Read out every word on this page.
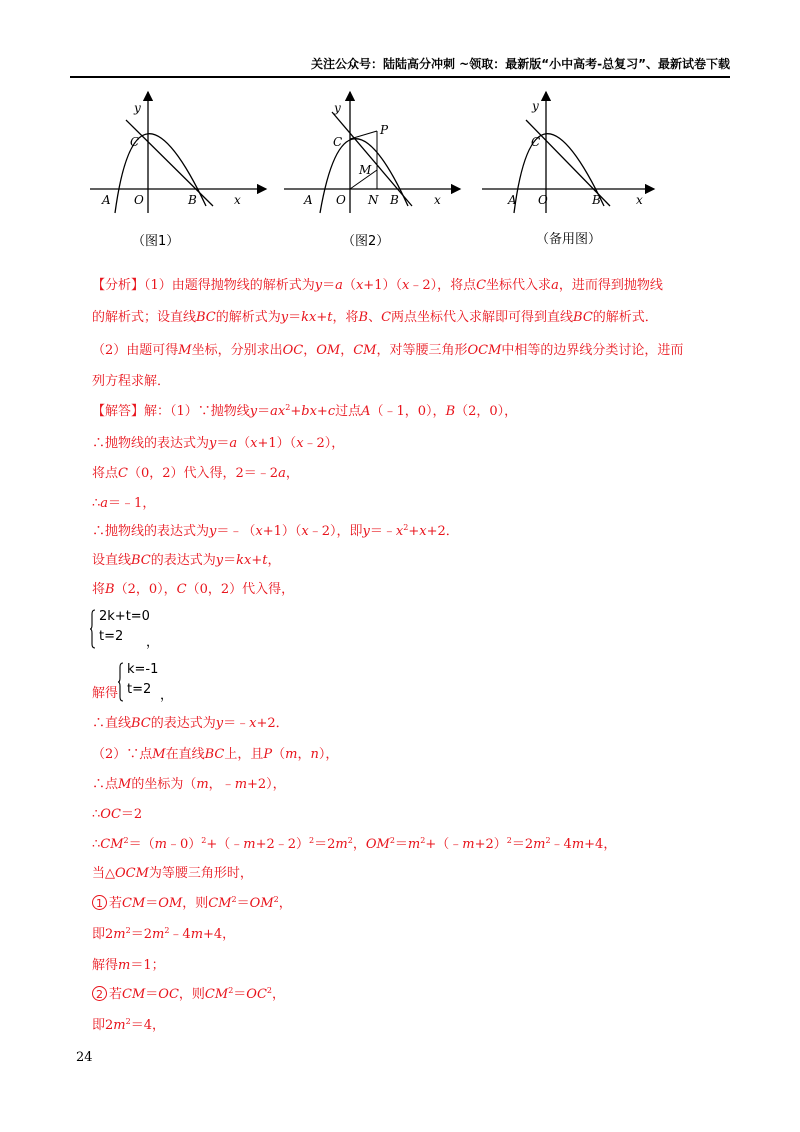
关注公众号：陆陆高分冲刺 ~领取：最新版“小中高考-总复习”、最新试卷下载
y
C
A O	B	x
（图1）
y
C
P
M
A O N B	x
（图2）
y
C
A O	B	x
（备用图）
【分析】（1）由题得抛物线的解析式为y＝a（x+1）（x﹣2），将点C坐标代入求a，进而得到抛物线
的解析式；设直线BC的解析式为y＝kx+t，将B、C两点坐标代入求解即可得到直线BC的解析式．
（2）由题可得M坐标，分别求出OC，OM，CM，对等腰三角形OCM中相等的边界线分类讨论，进而
列方程求解．
【解答】解：（1）∵抛物线$y=ax^2+bx+c$过点A（﹣1，0），B（2，0），
∴抛物线的表达式为y＝a（x+1）（x﹣2），
将点C（0，2）代入得，2＝﹣2a，
∴a＝﹣1，
∴抛物线的表达式为y＝﹣（x+1）（x﹣2），即$y=﹣x^2+x+2$．
设直线BC的表达式为y＝kx+t，
将B（2，0），C（0，2）代入得，
2k+t=0
t=2 ，
解得
k=-1
t=2 ，
∴直线BC的表达式为y＝﹣x+2．
（2）∵点M在直线BC上，且P（m，n），
∴点M的坐标为（m，﹣m+2），
∴OC＝2
$\therefore CM^2=(m﹣0)^2+(﹣m+2﹣2)^2=2m^2$，$OM^2=m^2+(﹣m+2)^2=2m^2﹣4m+4$，
当△OCM为等腰三角形时，
1 若CM＝OM，则$CM^2=OM^2$，
即$2m^2=2m^2﹣4m+4$，
解得m＝1；
2 若CM＝OC，则$CM^2=OC^2$，
即$2m^2=4$，
24
